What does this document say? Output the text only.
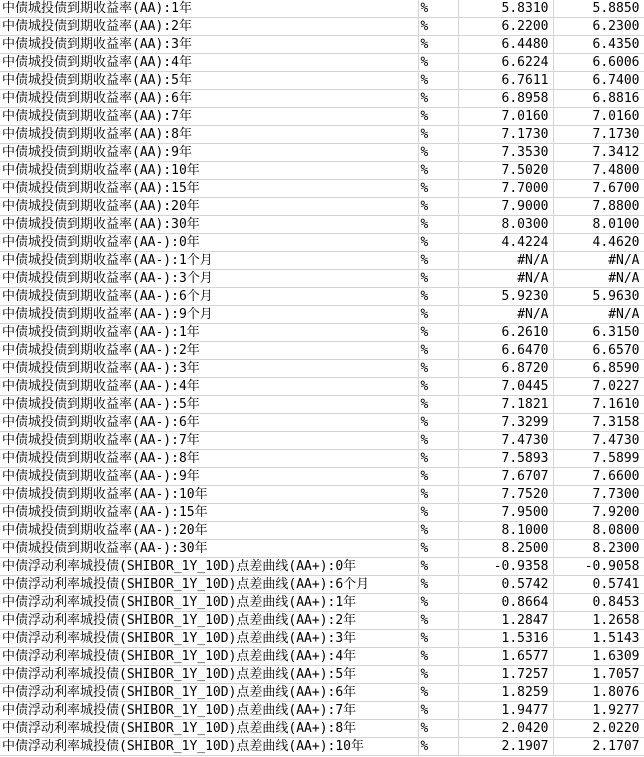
中债城投债到期收益率(AA):1年	%	5.8310	5.8850
中债城投债到期收益率(AA):2年	%	6.2200	6.2300
中债城投债到期收益率(AA):3年	%	6.4480	6.4350
中债城投债到期收益率(AA):4年	%	6.6224	6.6006
中债城投债到期收益率(AA):5年	%	6.7611	6.7400
中债城投债到期收益率(AA):6年	%	6.8958	6.8816
中债城投债到期收益率(AA):7年	%	7.0160	7.0160
中债城投债到期收益率(AA):8年	%	7.1730	7.1730
中债城投债到期收益率(AA):9年	%	7.3530	7.3412
中债城投债到期收益率(AA):10年	%	7.5020	7.4800
中债城投债到期收益率(AA):15年	%	7.7000	7.6700
中债城投债到期收益率(AA):20年	%	7.9000	7.8800
中债城投债到期收益率(AA):30年	%	8.0300	8.0100
中债城投债到期收益率(AA-):0年	%	4.4224	4.4620
中债城投债到期收益率(AA-):1个月	%	#N/A	#N/A
中债城投债到期收益率(AA-):3个月	%	#N/A	#N/A
中债城投债到期收益率(AA-):6个月	%	5.9230	5.9630
中债城投债到期收益率(AA-):9个月	%	#N/A	#N/A
中债城投债到期收益率(AA-):1年	%	6.2610	6.3150
中债城投债到期收益率(AA-):2年	%	6.6470	6.6570
中债城投债到期收益率(AA-):3年	%	6.8720	6.8590
中债城投债到期收益率(AA-):4年	%	7.0445	7.0227
中债城投债到期收益率(AA-):5年	%	7.1821	7.1610
中债城投债到期收益率(AA-):6年	%	7.3299	7.3158
中债城投债到期收益率(AA-):7年	%	7.4730	7.4730
中债城投债到期收益率(AA-):8年	%	7.5893	7.5899
中债城投债到期收益率(AA-):9年	%	7.6707	7.6600
中债城投债到期收益率(AA-):10年	%	7.7520	7.7300
中债城投债到期收益率(AA-):15年	%	7.9500	7.9200
中债城投债到期收益率(AA-):20年	%	8.1000	8.0800
中债城投债到期收益率(AA-):30年	%	8.2500	8.2300
中债浮动利率城投债(SHIBOR_1Y_10D)点差曲线(AA+):0年	%	-0.9358	-0.9058
中债浮动利率城投债(SHIBOR_1Y_10D)点差曲线(AA+):6个月	%	0.5742	0.5741
中债浮动利率城投债(SHIBOR_1Y_10D)点差曲线(AA+):1年	%	0.8664	0.8453
中债浮动利率城投债(SHIBOR_1Y_10D)点差曲线(AA+):2年	%	1.2847	1.2658
中债浮动利率城投债(SHIBOR_1Y_10D)点差曲线(AA+):3年	%	1.5316	1.5143
中债浮动利率城投债(SHIBOR_1Y_10D)点差曲线(AA+):4年	%	1.6577	1.6309
中债浮动利率城投债(SHIBOR_1Y_10D)点差曲线(AA+):5年	%	1.7257	1.7057
中债浮动利率城投债(SHIBOR_1Y_10D)点差曲线(AA+):6年	%	1.8259	1.8076
中债浮动利率城投债(SHIBOR_1Y_10D)点差曲线(AA+):7年	%	1.9477	1.9277
中债浮动利率城投债(SHIBOR_1Y_10D)点差曲线(AA+):8年	%	2.0420	2.0220
中债浮动利率城投债(SHIBOR_1Y_10D)点差曲线(AA+):10年	%	2.1907	2.1707
